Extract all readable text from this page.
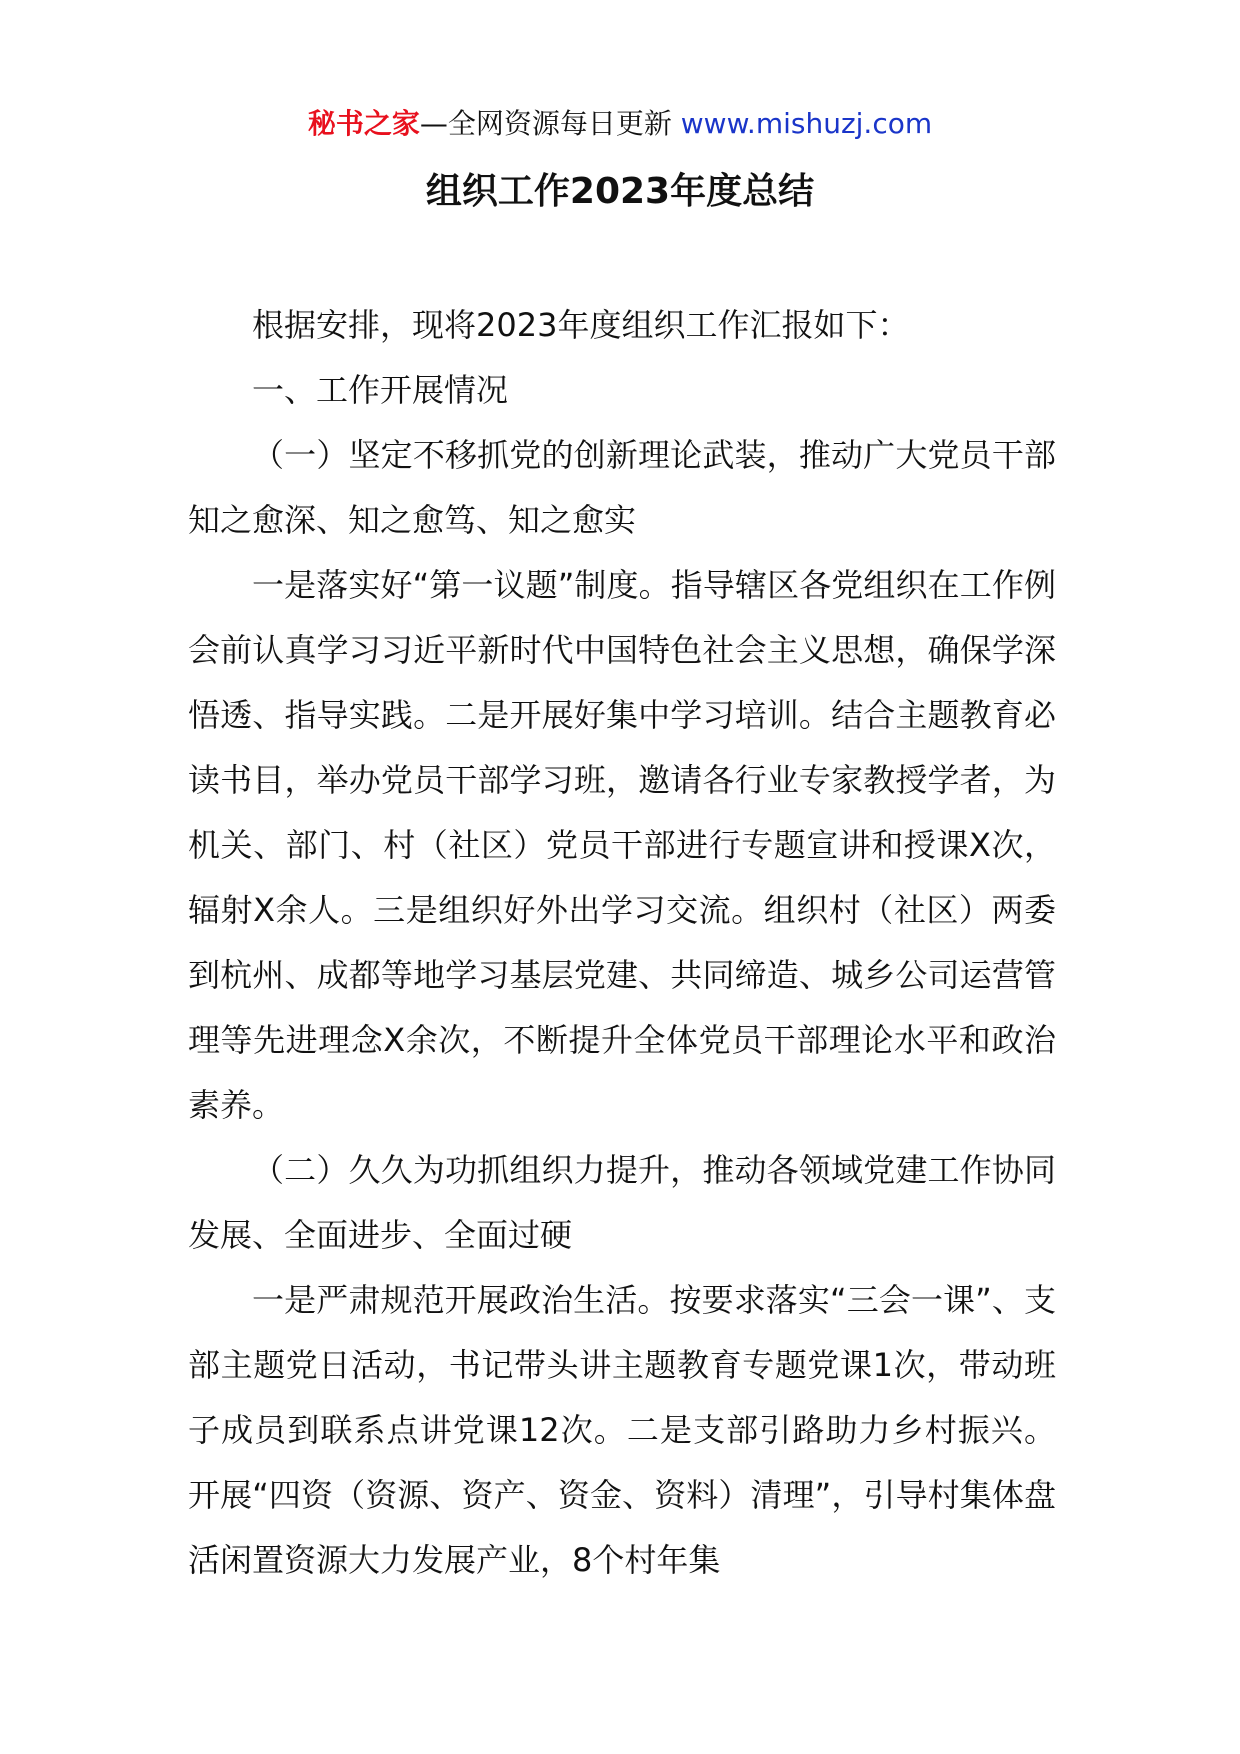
秘书之家—全网资源每日更新 www.mishuzj.com
组织工作2023年度总结

根据安排，现将2023年度组织工作汇报如下：

一、工作开展情况

（一）坚定不移抓党的创新理论武装，推动广大党员干部知之愈深、知之愈笃、知之愈实

一是落实好“第一议题”制度。指导辖区各党组织在工作例会前认真学习习近平新时代中国特色社会主义思想，确保学深悟透、指导实践。二是开展好集中学习培训。结合主题教育必读书目，举办党员干部学习班，邀请各行业专家教授学者，为机关、部门、村（社区）党员干部进行专题宣讲和授课X次，辐射X余人。三是组织好外出学习交流。组织村（社区）两委到杭州、成都等地学习基层党建、共同缔造、城乡公司运营管理等先进理念X余次，不断提升全体党员干部理论水平和政治素养。

（二）久久为功抓组织力提升，推动各领域党建工作协同发展、全面进步、全面过硬

一是严肃规范开展政治生活。按要求落实“三会一课”、支部主题党日活动，书记带头讲主题教育专题党课1次，带动班子成员到联系点讲党课12次。二是支部引路助力乡村振兴。开展“四资（资源、资产、资金、资料）清理”，引导村集体盘活闲置资源大力发展产业，8个村年集
